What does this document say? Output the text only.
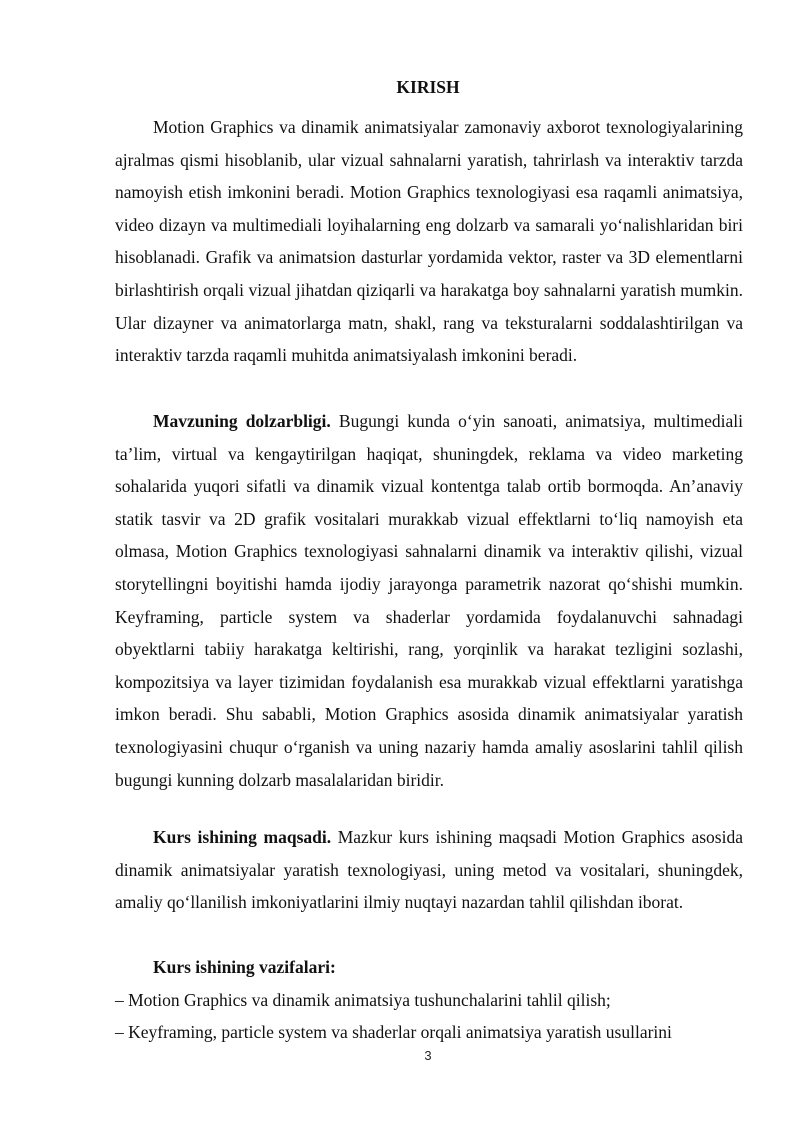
KIRISH

Motion Graphics va dinamik animatsiyalar zamonaviy axborot texnologiyalarining ajralmas qismi hisoblanib, ular vizual sahnalarni yaratish, tahrirlash va interaktiv tarzda namoyish etish imkonini beradi. Motion Graphics texnologiyasi esa raqamli animatsiya, video dizayn va multimediali loyihalarning eng dolzarb va samarali yo‘nalishlaridan biri hisoblanadi. Grafik va animatsion dasturlar yordamida vektor, raster va 3D elementlarni birlashtirish orqali vizual jihatdan qiziqarli va harakatga boy sahnalarni yaratish mumkin. Ular dizayner va animatorlarga matn, shakl, rang va teksturalarni soddalashtirilgan va interaktiv tarzda raqamli muhitda animatsiyalash imkonini beradi.

Mavzuning dolzarbligi. Bugungi kunda o‘yin sanoati, animatsiya, multimediali ta’lim, virtual va kengaytirilgan haqiqat, shuningdek, reklama va video marketing sohalarida yuqori sifatli va dinamik vizual kontentga talab ortib bormoqda. An’anaviy statik tasvir va 2D grafik vositalari murakkab vizual effektlarni to‘liq namoyish eta olmasa, Motion Graphics texnologiyasi sahnalarni dinamik va interaktiv qilishi, vizual storytellingni boyitishi hamda ijodiy jarayonga parametrik nazorat qo‘shishi mumkin. Keyframing, particle system va shaderlar yordamida foydalanuvchi sahnadagi obyektlarni tabiiy harakatga keltirishi, rang, yorqinlik va harakat tezligini sozlashi, kompozitsiya va layer tizimidan foydalanish esa murakkab vizual effektlarni yaratishga imkon beradi. Shu sababli, Motion Graphics asosida dinamik animatsiyalar yaratish texnologiyasini chuqur o‘rganish va uning nazariy hamda amaliy asoslarini tahlil qilish bugungi kunning dolzarb masalalaridan biridir.

Kurs ishining maqsadi. Mazkur kurs ishining maqsadi Motion Graphics asosida dinamik animatsiyalar yaratish texnologiyasi, uning metod va vositalari, shuningdek, amaliy qo‘llanilish imkoniyatlarini ilmiy nuqtayi nazardan tahlil qilishdan iborat.

Kurs ishining vazifalari:
– Motion Graphics va dinamik animatsiya tushunchalarini tahlil qilish;
– Keyframing, particle system va shaderlar orqali animatsiya yaratish usullarini
3
